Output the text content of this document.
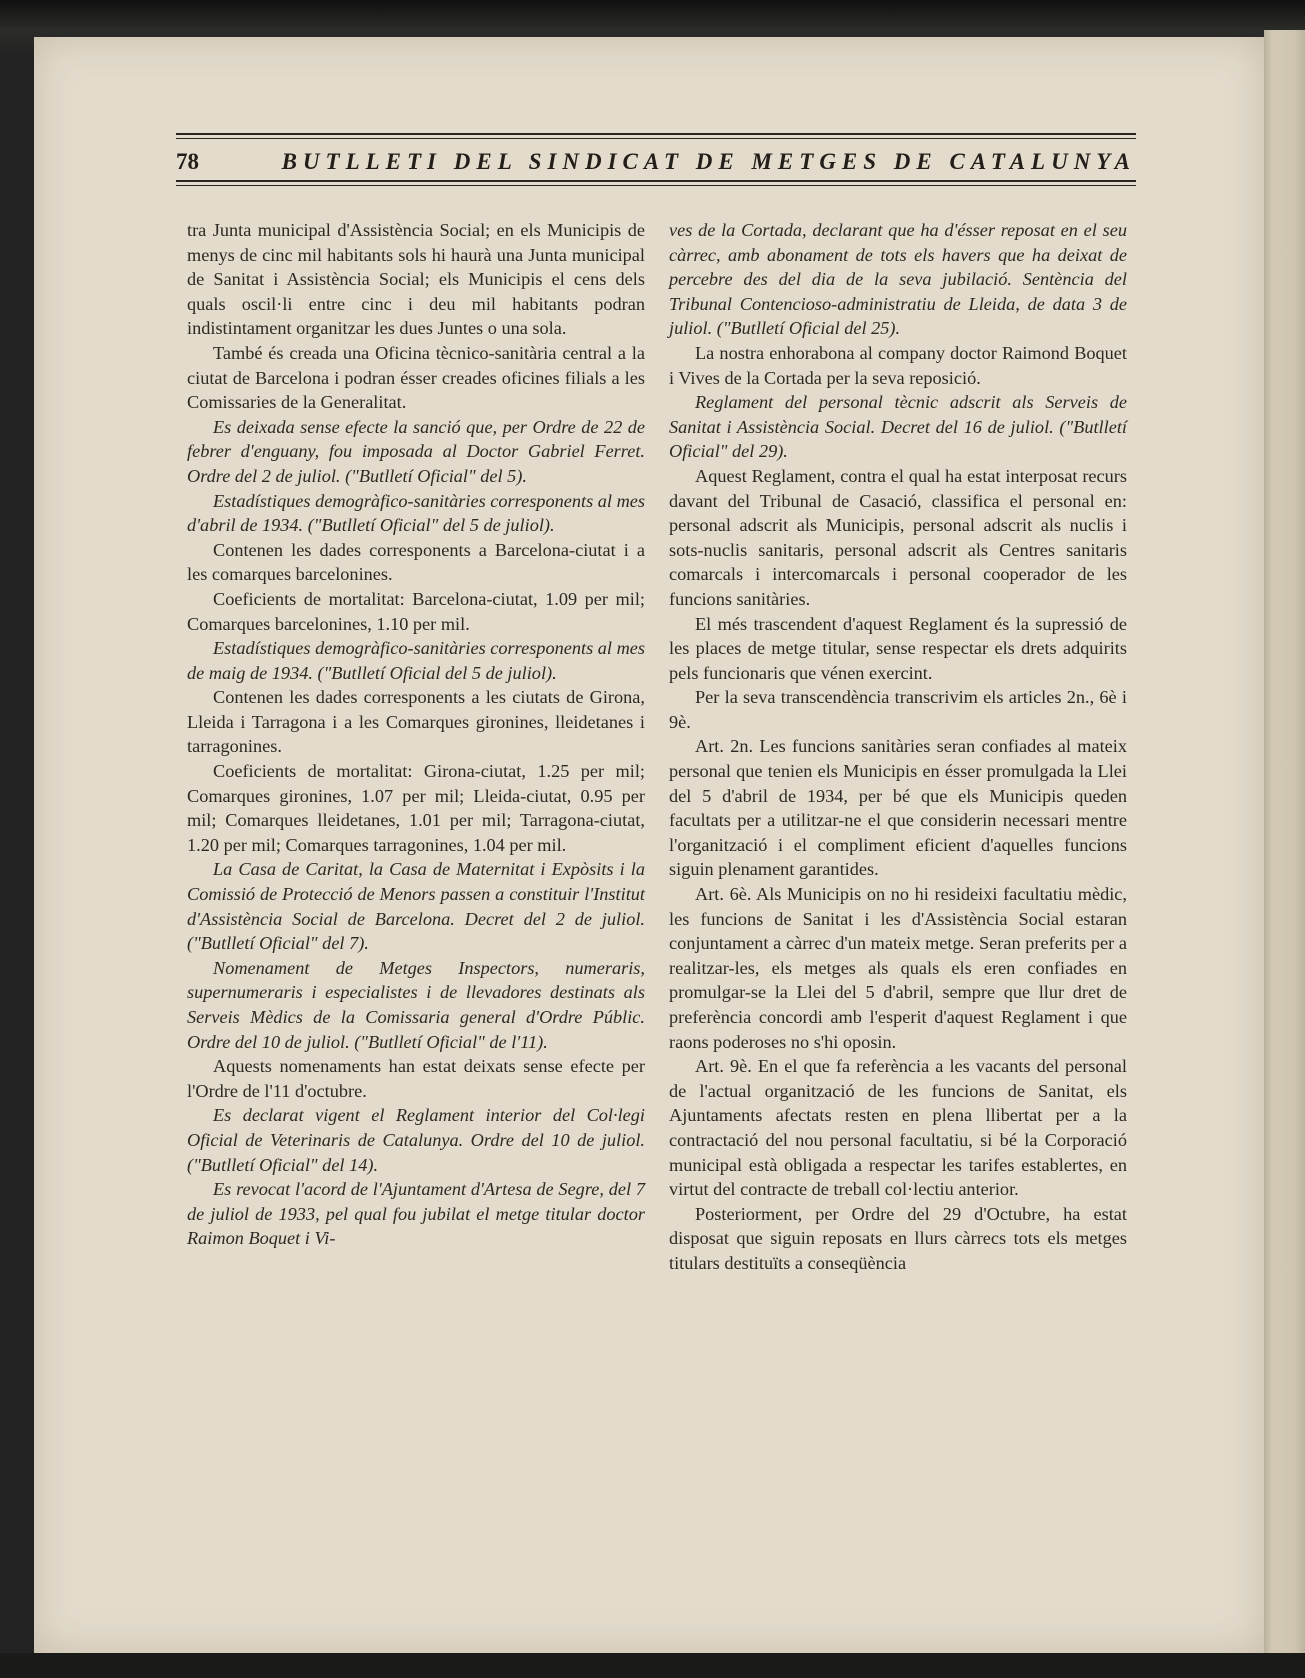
78	BUTLLETI DEL SINDICAT DE METGES DE CATALUNYA

tra Junta municipal d'Assistència Social; en els Municipis de menys de cinc mil habitants sols hi haurà una Junta municipal de Sanitat i Assistència Social; els Municipis el cens dels quals oscil·li entre cinc i deu mil habitants podran indistintament organitzar les dues Juntes o una sola.

També és creada una Oficina tècnico-sanitària central a la ciutat de Barcelona i podran ésser creades oficines filials a les Comissaries de la Generalitat.

Es deixada sense efecte la sanció que, per Ordre de 22 de febrer d'enguany, fou imposada al Doctor Gabriel Ferret. Ordre del 2 de juliol. ("Butlletí Oficial" del 5).

Estadístiques demogràfico-sanitàries corresponents al mes d'abril de 1934. ("Butlletí Oficial" del 5 de juliol).

Contenen les dades corresponents a Barcelona-ciutat i a les comarques barcelonines.

Coeficients de mortalitat: Barcelona-ciutat, 1.09 per mil; Comarques barcelonines, 1.10 per mil.

Estadístiques demogràfico-sanitàries corresponents al mes de maig de 1934. ("Butlletí Oficial del 5 de juliol).

Contenen les dades corresponents a les ciutats de Girona, Lleida i Tarragona i a les Comarques gironines, lleidetanes i tarragonines.

Coeficients de mortalitat: Girona-ciutat, 1.25 per mil; Comarques gironines, 1.07 per mil; Lleida-ciutat, 0.95 per mil; Comarques lleidetanes, 1.01 per mil; Tarragona-ciutat, 1.20 per mil; Comarques tarragonines, 1.04 per mil.

La Casa de Caritat, la Casa de Maternitat i Expòsits i la Comissió de Protecció de Menors passen a constituir l'Institut d'Assistència Social de Barcelona. Decret del 2 de juliol. ("Butlletí Oficial" del 7).

Nomenament de Metges Inspectors, numeraris, supernumeraris i especialistes i de llevadores destinats als Serveis Mèdics de la Comissaria general d'Ordre Públic. Ordre del 10 de juliol. ("Butlletí Oficial" de l'11).

Aquests nomenaments han estat deixats sense efecte per l'Ordre de l'11 d'octubre.

Es declarat vigent el Reglament interior del Col·legi Oficial de Veterinaris de Catalunya. Ordre del 10 de juliol. ("Butlletí Oficial" del 14).

Es revocat l'acord de l'Ajuntament d'Artesa de Segre, del 7 de juliol de 1933, pel qual fou jubilat el metge titular doctor Raimon Boquet i Vi-

ves de la Cortada, declarant que ha d'ésser reposat en el seu càrrec, amb abonament de tots els havers que ha deixat de percebre des del dia de la seva jubilació. Sentència del Tribunal Contencioso-administratiu de Lleida, de data 3 de juliol. ("Butlletí Oficial del 25).

La nostra enhorabona al company doctor Raimond Boquet i Vives de la Cortada per la seva reposició.

Reglament del personal tècnic adscrit als Serveis de Sanitat i Assistència Social. Decret del 16 de juliol. ("Butlletí Oficial" del 29).

Aquest Reglament, contra el qual ha estat interposat recurs davant del Tribunal de Casació, classifica el personal en: personal adscrit als Municipis, personal adscrit als nuclis i sots-nuclis sanitaris, personal adscrit als Centres sanitaris comarcals i intercomarcals i personal cooperador de les funcions sanitàries.

El més trascendent d'aquest Reglament és la supressió de les places de metge titular, sense respectar els drets adquirits pels funcionaris que vénen exercint.

Per la seva transcendència transcrivim els articles 2n., 6è i 9è.

Art. 2n. Les funcions sanitàries seran confiades al mateix personal que tenien els Municipis en ésser promulgada la Llei del 5 d'abril de 1934, per bé que els Municipis queden facultats per a utilitzar-ne el que considerin necessari mentre l'organització i el compliment eficient d'aquelles funcions siguin plenament garantides.

Art. 6è. Als Municipis on no hi resideixi facultatiu mèdic, les funcions de Sanitat i les d'Assistència Social estaran conjuntament a càrrec d'un mateix metge. Seran preferits per a realitzar-les, els metges als quals els eren confiades en promulgar-se la Llei del 5 d'abril, sempre que llur dret de preferència concordi amb l'esperit d'aquest Reglament i que raons poderoses no s'hi oposin.

Art. 9è. En el que fa referència a les vacants del personal de l'actual organització de les funcions de Sanitat, els Ajuntaments afectats resten en plena llibertat per a la contractació del nou personal facultatiu, si bé la Corporació municipal està obligada a respectar les tarifes establertes, en virtut del contracte de treball col·lectiu anterior.

Posteriorment, per Ordre del 29 d'Octubre, ha estat disposat que siguin reposats en llurs càrrecs tots els metges titulars destituïts a conseqüència
